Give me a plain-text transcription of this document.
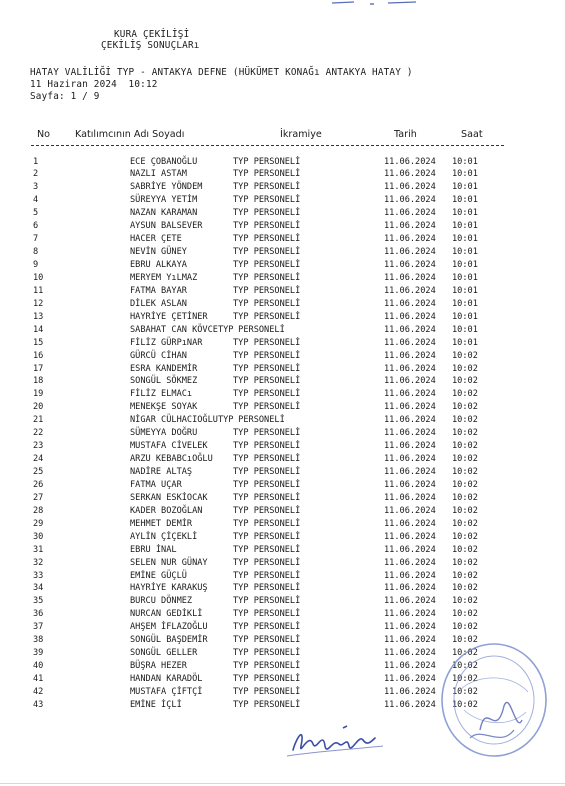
KURA ÇEKİLİŞİ
ÇEKİLİŞ SONUÇLARı
HATAY VALİLİĞİ TYP - ANTAKYA DEFNE (HÜKÜMET KONAĞı ANTAKYA HATAY )
11 Haziran 2024  10:12
Sayfa: 1 / 9
No	Katılımcının Adı Soyadı	İkramiye	Tarih	Saat
1	ECE ÇOBANOĞLU	TYP PERSONELİ	11.06.2024 10:01
2	NAZLI ASTAM	TYP PERSONELİ	11.06.2024 10:01
3	SABRİYE YÖNDEM	TYP PERSONELİ	11.06.2024 10:01
4	SÜREYYA YETİM	TYP PERSONELİ	11.06.2024 10:01
5	NAZAN KARAMAN	TYP PERSONELİ	11.06.2024 10:01
6	AYSUN BALSEVER	TYP PERSONELİ	11.06.2024 10:01
7	HACER ÇETE	TYP PERSONELİ	11.06.2024 10:01
8	NEVİN GÜNEY	TYP PERSONELİ	11.06.2024 10:01
9	EBRU ALKAYA	TYP PERSONELİ	11.06.2024 10:01
10	MERYEM YıLMAZ	TYP PERSONELİ	11.06.2024 10:01
11	FATMA BAYAR	TYP PERSONELİ	11.06.2024 10:01
12	DİLEK ASLAN	TYP PERSONELİ	11.06.2024 10:01
13	HAYRİYE ÇETİNER	TYP PERSONELİ	11.06.2024 10:01
14	SABAHAT CAN KÖVCETYP PERSONELİ	11.06.2024 10:01
15	FİLİZ GÜRPıNAR	TYP PERSONELİ	11.06.2024 10:01
16	GÜRCÜ CİHAN	TYP PERSONELİ	11.06.2024 10:02
17	ESRA KANDEMİR	TYP PERSONELİ	11.06.2024 10:02
18	SONGÜL SÖKMEZ	TYP PERSONELİ	11.06.2024 10:02
19	FİLİZ ELMACı	TYP PERSONELİ	11.06.2024 10:02
20	MENEKŞE SOYAK	TYP PERSONELİ	11.06.2024 10:02
21	NİGAR CÜLHACIOĞLUTYP PERSONELİ	11.06.2024 10:02
22	SÜMEYYA DOĞRU	TYP PERSONELİ	11.06.2024 10:02
23	MUSTAFA CİVELEK	TYP PERSONELİ	11.06.2024 10:02
24	ARZU KEBABCıOĞLU TYP PERSONELİ	11.06.2024 10:02
25	NADİRE ALTAŞ	TYP PERSONELİ	11.06.2024 10:02
26	FATMA UÇAR	TYP PERSONELİ	11.06.2024 10:02
27	SERKAN ESKİOCAK	TYP PERSONELİ	11.06.2024 10:02
28	KADER BOZOĞLAN	TYP PERSONELİ	11.06.2024 10:02
29	MEHMET DEMİR	TYP PERSONELİ	11.06.2024 10:02
30	AYLİN ÇİÇEKLİ	TYP PERSONELİ	11.06.2024 10:02
31	EBRU İNAL	TYP PERSONELİ	11.06.2024 10:02
32	SELEN NUR GÜNAY	TYP PERSONELİ	11.06.2024 10:02
33	EMİNE GÜÇLÜ	TYP PERSONELİ	11.06.2024 10:02
34	HAYRİYE KARAKUŞ	TYP PERSONELİ	11.06.2024 10:02
35	BURCU DÖNMEZ	TYP PERSONELİ	11.06.2024 10:02
36	NURCAN GEDİKLİ	TYP PERSONELİ	11.06.2024 10:02
37	AHŞEM İFLAZOĞLU	TYP PERSONELİ	11.06.2024 10:02
38	SONGÜL BAŞDEMİR	TYP PERSONELİ	11.06.2024 10:02
39	SONGÜL GELLER	TYP PERSONELİ	11.06.2024 10:02
40	BÜŞRA HEZER	TYP PERSONELİ	11.06.2024 10:02
41	HANDAN KARADÖL	TYP PERSONELİ	11.06.2024 10:02
42	MUSTAFA ÇİFTÇİ	TYP PERSONELİ	11.06.2024 10:02
43	EMİNE İÇLİ	TYP PERSONELİ	11.06.2024 10:02
